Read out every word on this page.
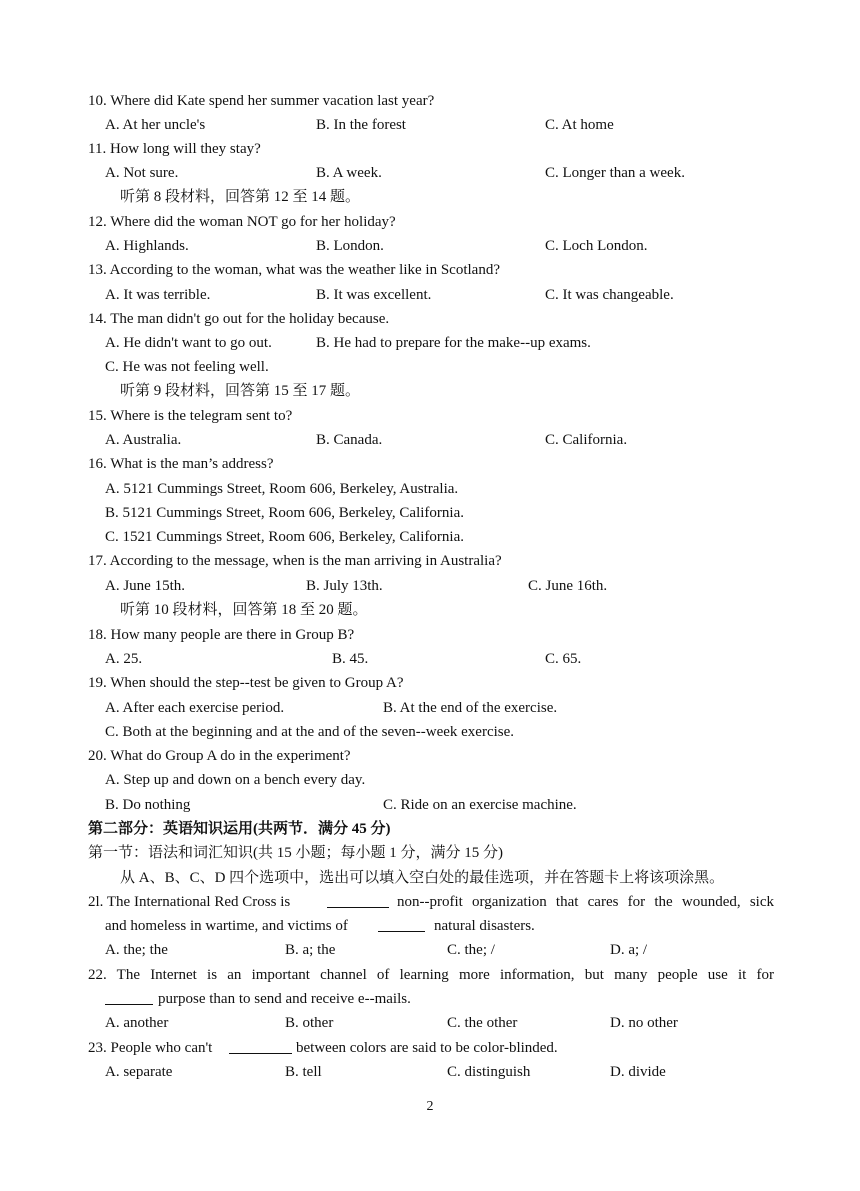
10. Where did Kate spend her summer vacation last year?
A. At her uncle's	B. In the forest	C. At home
11. How long will they stay?
A. Not sure.	B. A week.	C. Longer than a week.
听第 8 段材料，回答第 12 至 14 题。
12. Where did the woman NOT go for her holiday?
A. Highlands.	B. London.	C. Loch London.
13. According to the woman, what was the weather like in Scotland?
A. It was terrible.	B. It was excellent.	C. It was changeable.
14. The man didn't go out for the holiday because.
A. He didn't want to go out.	B. He had to prepare for the make--up exams.
C. He was not feeling well.
听第 9 段材料，回答第 15 至 17 题。
15. Where is the telegram sent to?
A. Australia.	B. Canada.	C. California.
16. What is the man’s address?
A. 5121 Cummings Street, Room 606, Berkeley, Australia.
B. 5121 Cummings Street, Room 606, Berkeley, California.
C. 1521 Cummings Street, Room 606, Berkeley, California.
17. According to the message, when is the man arriving in Australia?
A. June 15th.	B. July 13th.	C. June 16th.
听第 10 段材料，回答第 18 至 20 题。
18. How many people are there in Group B?
A. 25.	B. 45.	C. 65.
19. When should the step--test be given to Group A?
A. After each exercise period.	B. At the end of the exercise.
C. Both at the beginning and at the and of the seven--week exercise.
20. What do Group A do in the experiment?
A. Step up and down on a bench every day.
B. Do nothing	C. Ride on an exercise machine.
第二部分：英语知识运用(共两节．满分 45 分)
第一节：语法和词汇知识(共 15 小题；每小题 1 分，满分 15 分)
从 A、B、C、D 四个选项中，选出可以填入空白处的最佳选项，并在答题卡上将该项涂黑。
2l. The International Red Cross is	non--profit organization that cares for the wounded, sick
and homeless in wartime, and victims of	natural disasters.
A. the; the	B. a; the	C. the; /	D. a; /
22. The Internet is an important channel of learning more information, but many people use it for
purpose than to send and receive e--mails.
A. another	B. other	C. the other	D. no other
23. People who can't	between colors are said to be color-blinded.
A. separate	B. tell	C. distinguish	D. divide
2
